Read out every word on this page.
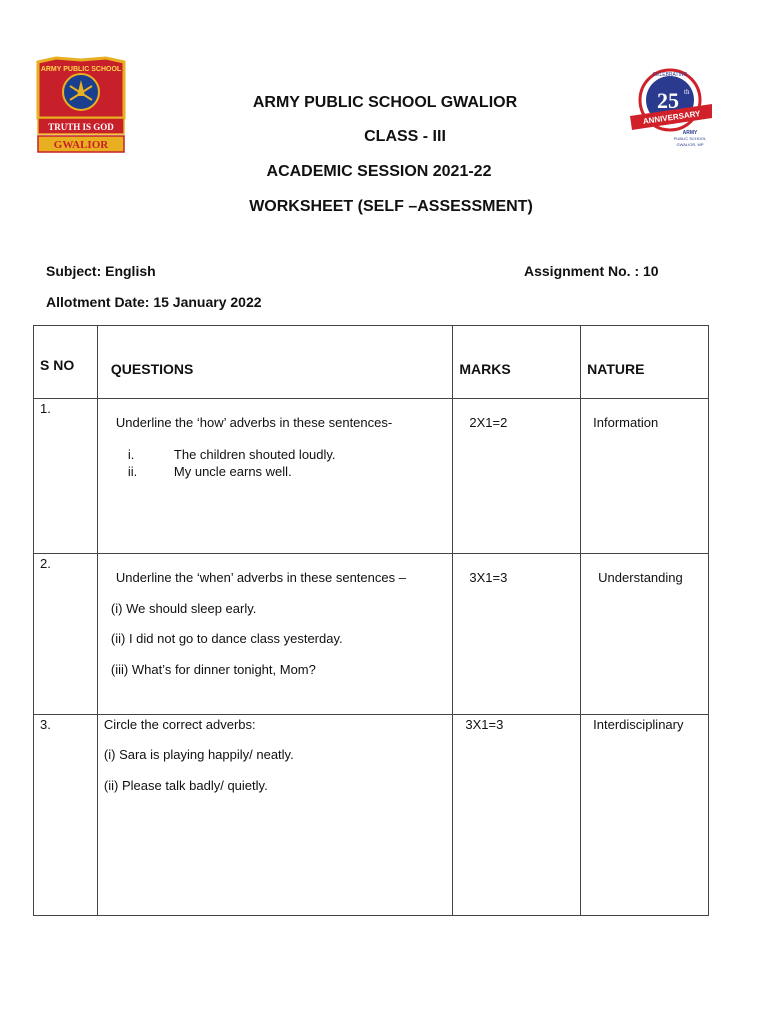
ARMY PUBLIC SCHOOL
TRUTH IS GOD
GWALIOR
CELEBRATING
25 th
ANNIVERSARY
ARMY
PUBLIC SCHOOL
GWALIOR, MP
ARMY PUBLIC SCHOOL GWALIOR
CLASS - III
ACADEMIC SESSION 2021-22
WORKSHEET (SELF –ASSESSMENT)
Subject: English	Assignment No. : 10
Allotment Date: 15 January 2022
S NO	QUESTIONS	MARKS	NATURE

1.	Underline the ‘how’ adverbs in these sentences-
i. The children shouted loudly.
ii. My uncle earns well.	2X1=2	Information

2.	Underline the ‘when’ adverbs in these sentences –
(i) We should sleep early.
(ii) I did not go to dance class yesterday.
(iii) What’s for dinner tonight, Mom?	3X1=3	Understanding

3.	Circle the correct adverbs:
(i) Sara is playing happily/ neatly.
(ii) Please talk badly/ quietly.	3X1=3	Interdisciplinary
